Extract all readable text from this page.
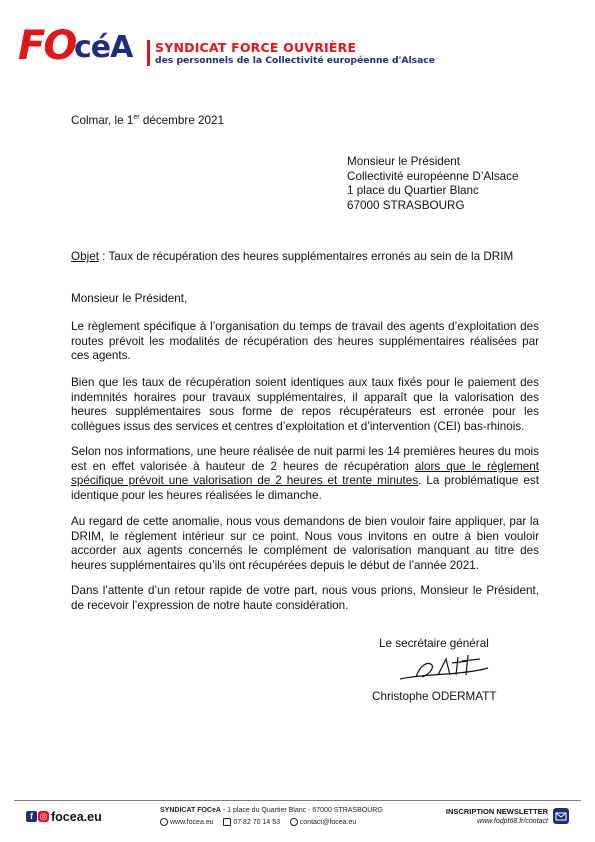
FO
céA SYNDICAT FORCE OUVRIÈRE
des personnels de la Collectivité européenne d'Alsace
Colmar, le 1er décembre 2021
Monsieur le Président
Collectivité européenne D’Alsace
1 place du Quartier Blanc
67000 STRASBOURG
Objet : Taux de récupération des heures supplémentaires erronés au sein de la DRIM
Monsieur le Président,
Le règlement spécifique à l’organisation du temps de travail des agents d’exploitation des routes prévoit les modalités de récupération des heures supplémentaires réalisées par ces agents.
Bien que les taux de récupération soient identiques aux taux fixés pour le paiement des indemnités horaires pour travaux supplémentaires, il apparaît que la valorisation des heures supplémentaires sous forme de repos récupérateurs est erronée pour les collègues issus des services et centres d’exploitation et d’intervention (CEI) bas-rhinois.
Selon nos informations, une heure réalisée de nuit parmi les 14 premières heures du mois est en effet valorisée à hauteur de 2 heures de récupération alors que le règlement spécifique prévoit une valorisation de 2 heures et trente minutes. La problématique est identique pour les heures réalisées le dimanche.
Au regard de cette anomalie, nous vous demandons de bien vouloir faire appliquer, par la DRIM, le règlement intérieur sur ce point. Nous vous invitons en outre à bien vouloir accorder aux agents concernés le complément de valorisation manquant au titre des heures supplémentaires qu’ils ont récupérées depuis le début de l’année 2021.
Dans l’attente d’un retour rapide de votre part, nous vous prions, Monsieur le Président, de recevoir l’expression de notre haute considération.
Le secrétaire général
Christophe ODERMATT
f ◎ focea.eu	SYNDICAT FOCeA - 1 place du Quartier Blanc - 67000 STRASBOURG
www.focea.eu	07 82 70 14 53	contact@focea.eu
INSCRIPTION NEWSLETTER
www.fodpt68.fr/contact
